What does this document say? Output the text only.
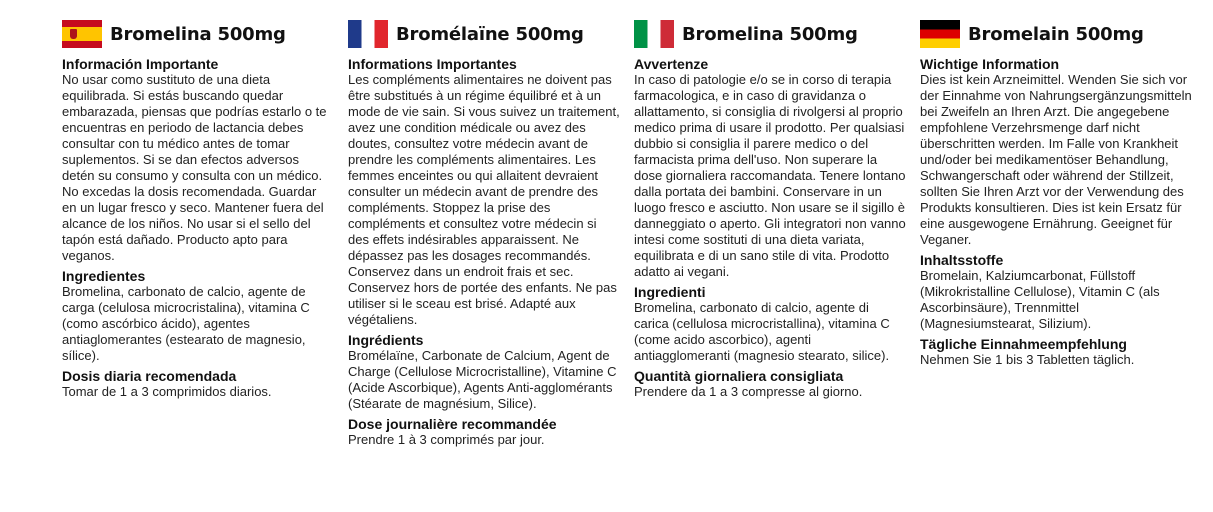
Bromelina 500mg
Información Importante

No usar como sustituto de una dieta equilibrada. Si estás buscando quedar embarazada, piensas que podrías estarlo o te encuentras en periodo de lactancia debes consultar con tu médico antes de tomar suplementos. Si se dan efectos adversos detén su consumo y consulta con un médico. No excedas la dosis recomendada. Guardar en un lugar fresco y seco. Mantener fuera del alcance de los niños. No usar si el sello del tapón está dañado. Producto apto para veganos.

Ingredientes

Bromelina, carbonato de calcio, agente de carga (celulosa microcristalina), vitamina C (como ascórbico ácido), agentes antiaglomerantes (estearato de magnesio, sílice).

Dosis diaria recomendada

Tomar de 1 a 3 comprimidos diarios.

Bromélaïne 500mg
Informations Importantes

Les compléments alimentaires ne doivent pas être substitués à un régime équilibré et à un mode de vie sain. Si vous suivez un traitement, avez une condition médicale ou avez des doutes, consultez votre médecin avant de prendre les compléments alimentaires. Les femmes enceintes ou qui allaitent devraient consulter un médecin avant de prendre des compléments. Stoppez la prise des compléments et consultez votre médecin si des effets indésirables apparaissent. Ne dépassez pas les dosages recommandés. Conservez dans un endroit frais et sec. Conservez hors de portée des enfants. Ne pas utiliser si le sceau est brisé. Adapté aux végétaliens.

Ingrédients

Bromélaïne, Carbonate de Calcium, Agent de Charge (Cellulose Microcristalline), Vitamine C (Acide Ascorbique), Agents Anti-agglomérants (Stéarate de magnésium, Silice).

Dose journalière recommandée

Prendre 1 à 3 comprimés par jour.

Bromelina 500mg
Avvertenze

In caso di patologie e/o se in corso di terapia farmacologica, e in caso di gravidanza o allattamento, si consiglia di rivolgersi al proprio medico prima di usare il prodotto. Per qualsiasi dubbio si consiglia il parere medico o del farmacista prima dell'uso. Non superare la dose giornaliera raccomandata. Tenere lontano dalla portata dei bambini. Conservare in un luogo fresco e asciutto. Non usare se il sigillo è danneggiato o aperto. Gli integratori non vanno intesi come sostituti di una dieta variata, equilibrata e di un sano stile di vita. Prodotto adatto ai vegani.

Ingredienti

Bromelina, carbonato di calcio, agente di carica (cellulosa microcristallina), vitamina C (come acido ascorbico), agenti antiagglomeranti (magnesio stearato, silice).

Quantità giornaliera consigliata

Prendere da 1 a 3 compresse al giorno.

Bromelain 500mg
Wichtige Information

Dies ist kein Arzneimittel. Wenden Sie sich vor der Einnahme von Nahrungsergänzungsmitteln bei Zweifeln an Ihren Arzt. Die angegebene empfohlene Verzehrsmenge darf nicht überschritten werden. Im Falle von Krankheit und/oder bei medikamentöser Behandlung, Schwangerschaft oder während der Stillzeit, sollten Sie Ihren Arzt vor der Verwendung des Produkts konsultieren. Dies ist kein Ersatz für eine ausgewogene Ernährung. Geeignet für Veganer.

Inhaltsstoffe

Bromelain, Kalziumcarbonat, Füllstoff (Mikrokristalline Cellulose), Vitamin C (als Ascorbinsäure), Trennmittel (Magnesiumstearat, Silizium).

Tägliche Einnahmeempfehlung

Nehmen Sie 1 bis 3 Tabletten täglich.
